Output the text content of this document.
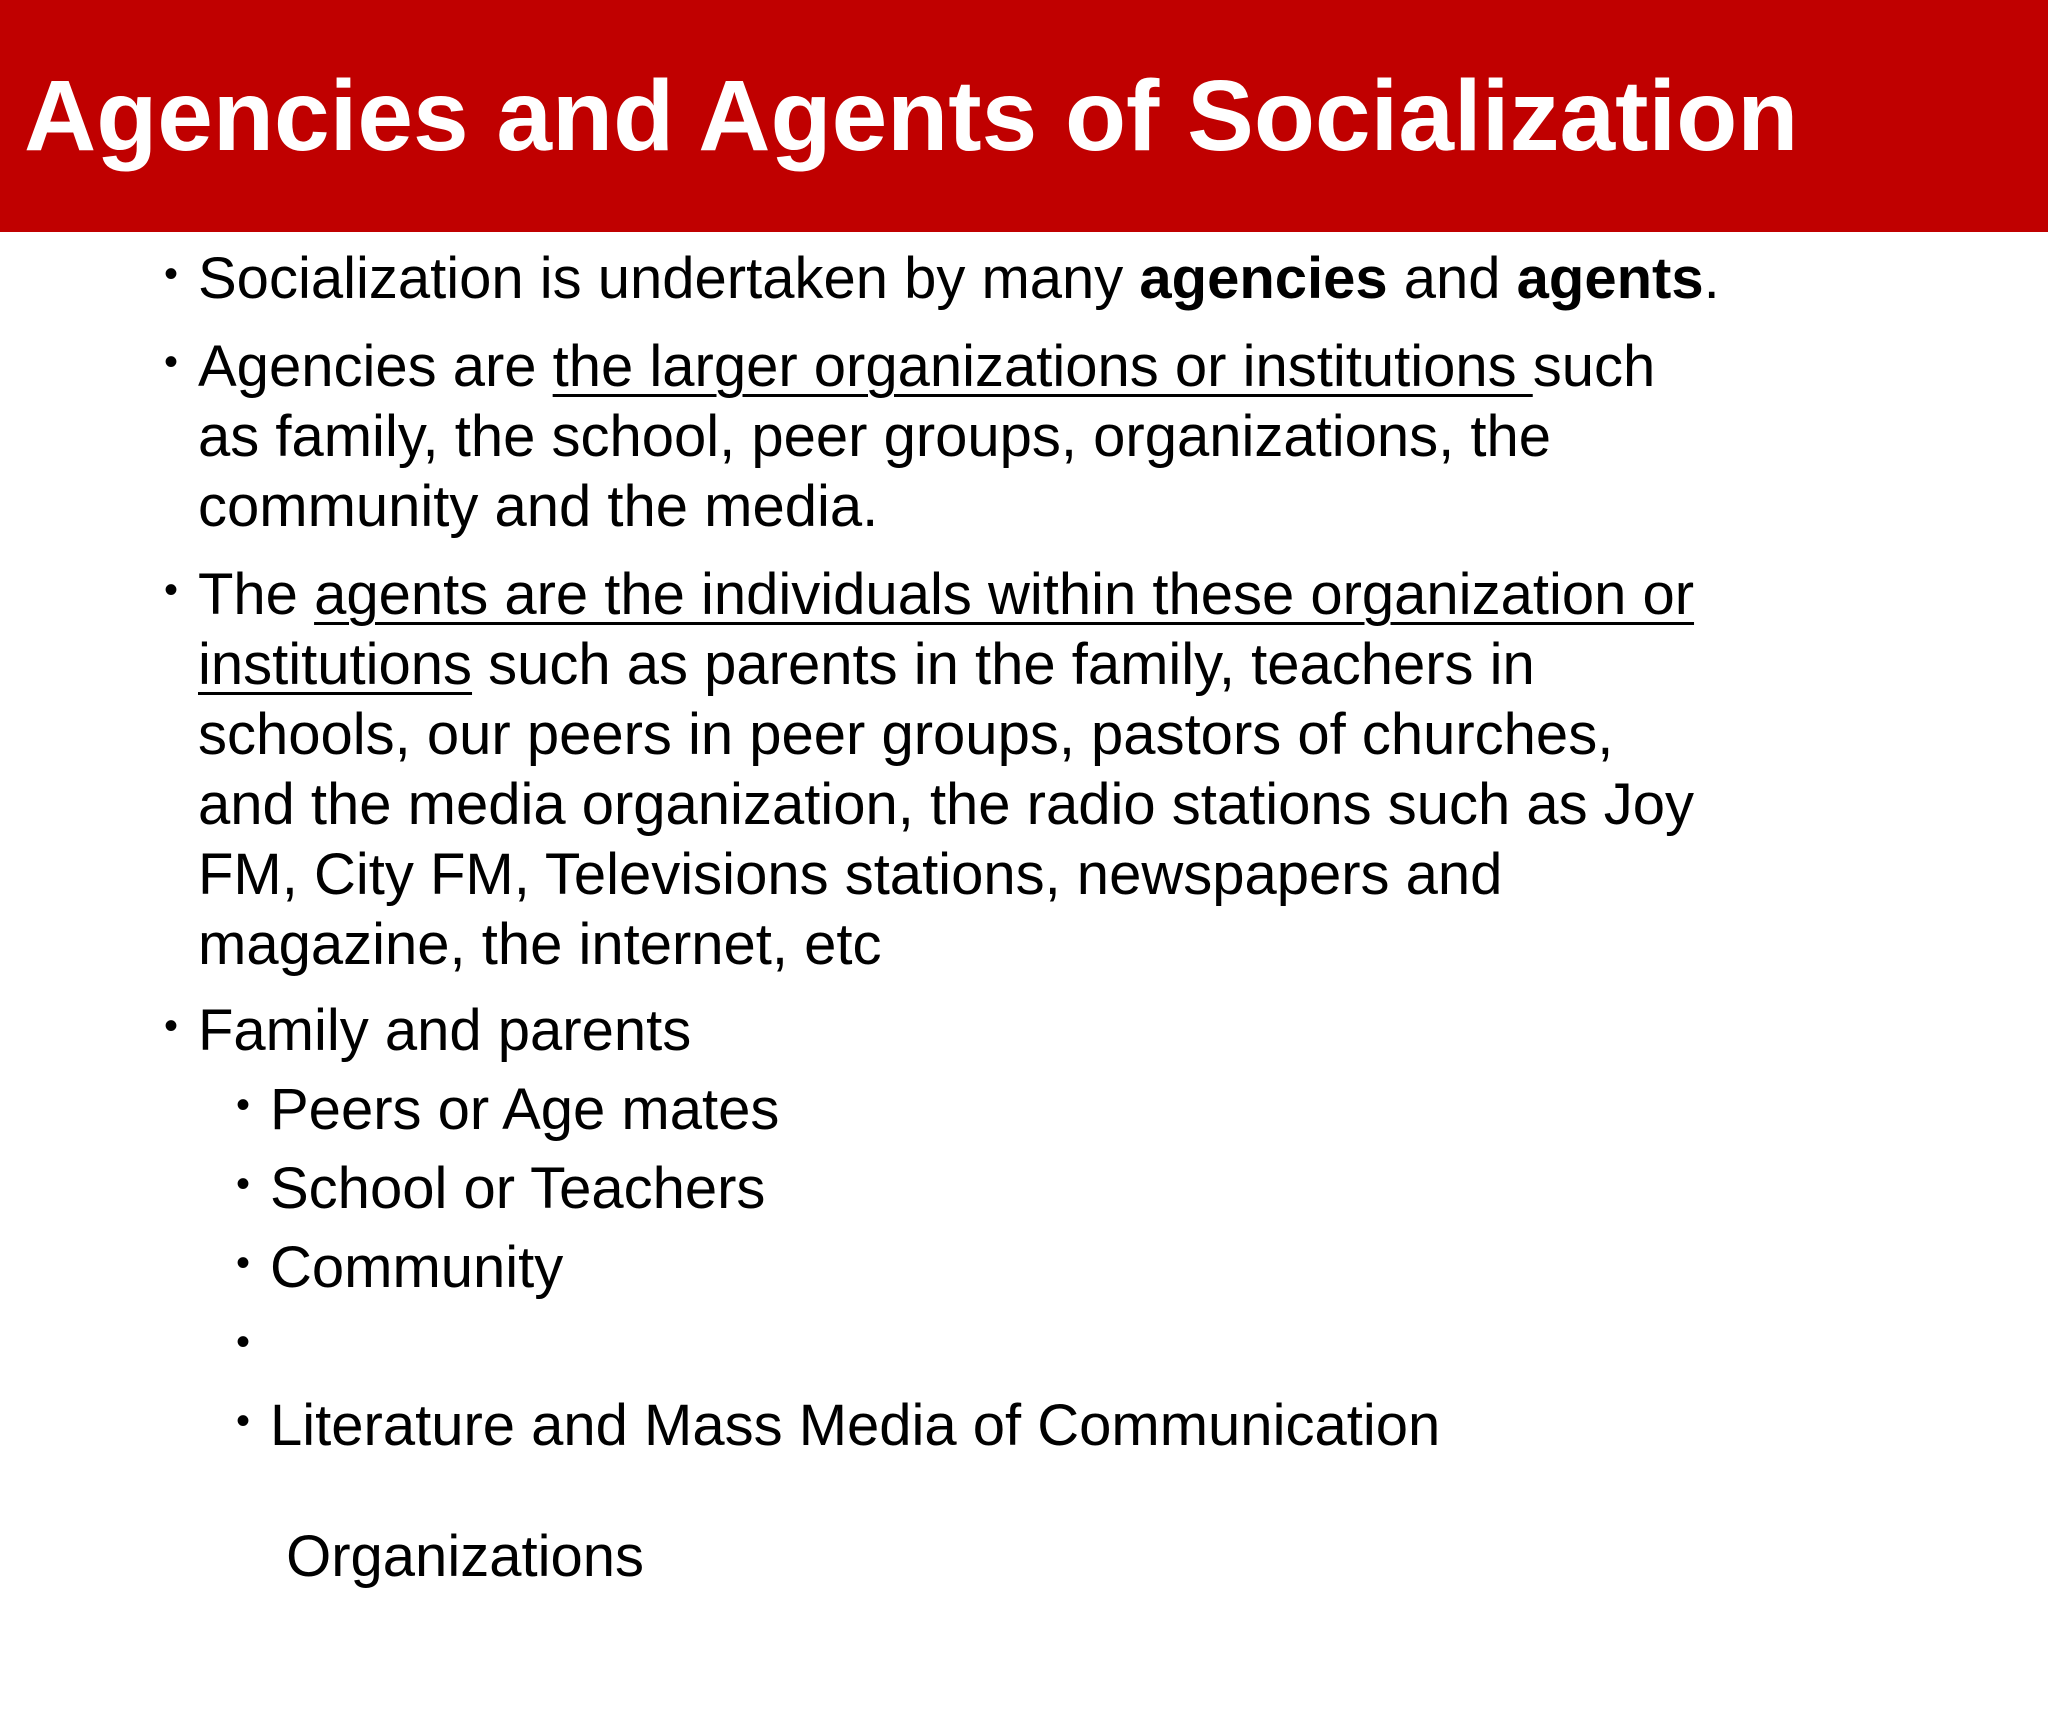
Agencies and Agents of Socialization
• Socialization is undertaken by many agencies and agents.
• Agencies are the larger organizations or institutions such
as family, the school, peer groups, organizations, the
community and the media.
• The agents are the individuals within these organization or
institutions such as parents in the family, teachers in
schools, our peers in peer groups, pastors of churches,
and the media organization, the radio stations such as Joy
FM, City FM, Televisions stations, newspapers and
magazine, the internet, etc
• Family and parents
• Peers or Age mates
• School or Teachers
• Community

•

Organizations

• Literature and Mass Media of Communication
